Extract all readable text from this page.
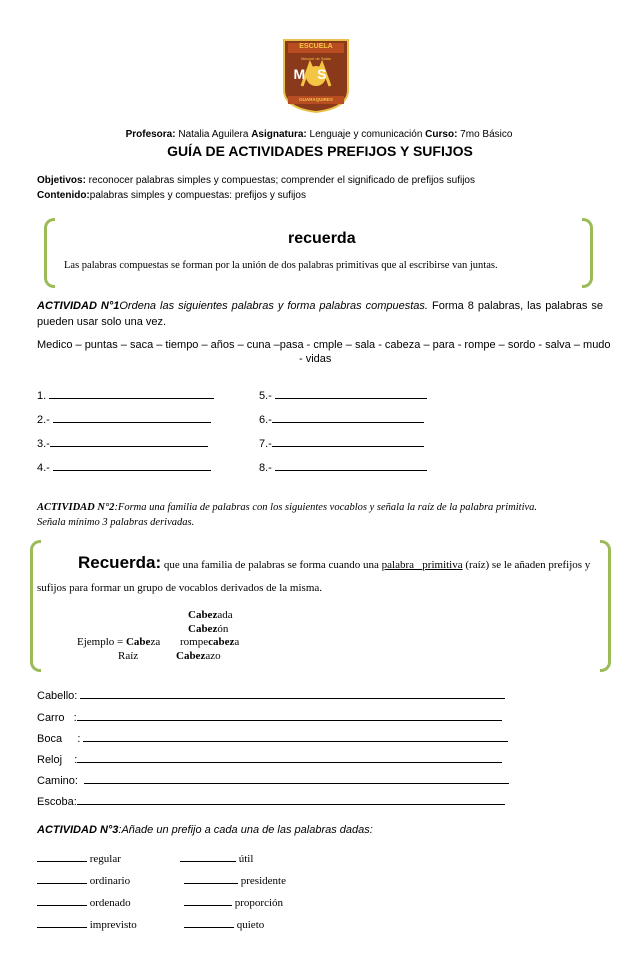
ESCUELA
Manuel de Salas
MS
GUARAQUIRES
Profesora: Natalia Aguilera Asignatura: Lenguaje y comunicación Curso: 7mo Básico
GUÍA DE ACTIVIDADES PREFIJOS Y SUFIJOS
Objetivos: reconocer palabras simples y compuestas; comprender el significado de prefijos sufijos
Contenido:palabras simples y compuestas: prefijos y sufijos
recuerda
Las palabras compuestas se forman por la unión de dos palabras primitivas que al escribirse van juntas.
ACTIVIDAD N°1Ordena las siguientes palabras y forma palabras compuestas. Forma 8 palabras, las palabras se pueden usar solo una vez.
Medico – puntas – saca – tiempo – años – cuna –pasa - cmple – sala - cabeza – para - rompe – sordo - salva – mudo
- vidas
1.
2.-
3.-
4.-
5.-
6.-
7.-
8.-
ACTIVIDAD N°2:Forma una familia de palabras con los siguientes vocablos y señala la raíz de la palabra primitiva.
Señala mínimo 3 palabras derivadas.
Recuerda: que una familia de palabras se forma cuando una palabra primitiva (raíz) se le añaden prefijos y
sufijos para formar un grupo de vocablos derivados de la misma.
Cabezada
Cabezón
Ejemplo = Cabeza rompecabeza
Raíz	Cabezazo
Cabello:
Carro   :
Boca     :
Reloj    :
Camino:
Escoba:
ACTIVIDAD N°3:Añade un prefijo a cada una de las palabras dadas:
regular
ordinario
ordenado
imprevisto
útil
presidente
proporción
quieto
